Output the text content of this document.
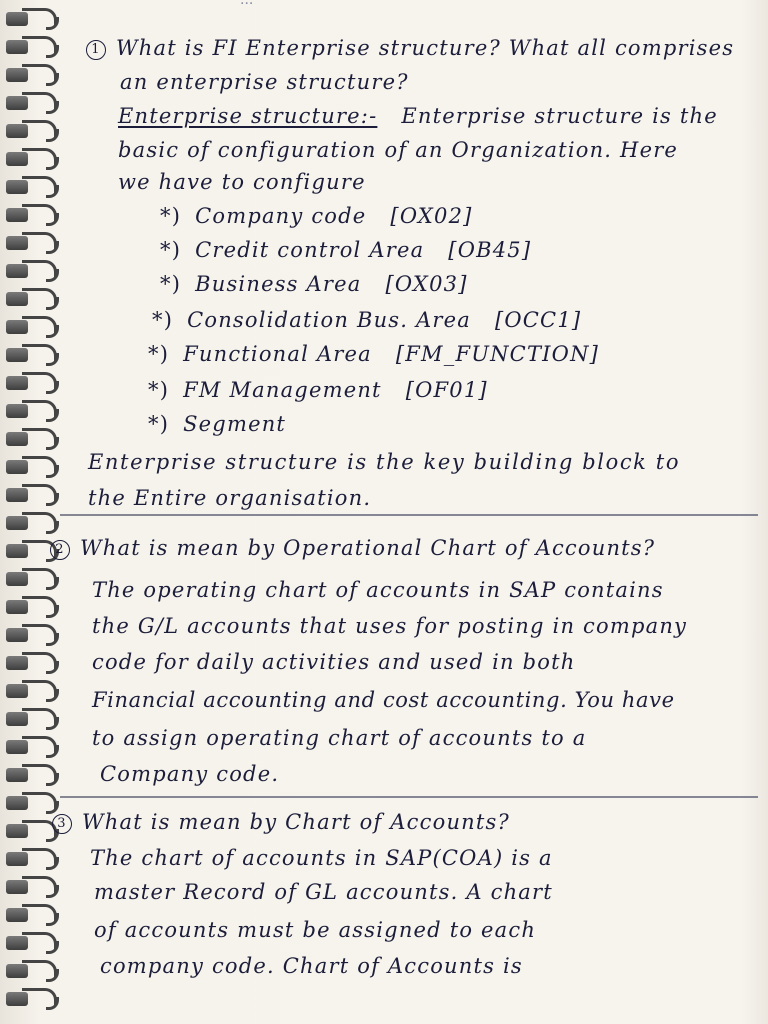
...
1 What is FI Enterprise structure? What all comprises
an enterprise structure?
Enterprise structure:- Enterprise structure is the
basic of configuration of an Organization. Here
we have to configure
*) Company code [OX02]
*) Credit control Area [OB45]
*) Business Area [OX03]
*) Consolidation Bus. Area [OCC1]
*) Functional Area [FM_FUNCTION]
*) FM Management [OF01]
*) Segment
Enterprise structure is the key building block to
the Entire organisation.
2 What is mean by Operational Chart of Accounts?
The operating chart of accounts in SAP contains
the G/L accounts that uses for posting in company
code for daily activities and used in both
Financial accounting and cost accounting. You have
to assign operating chart of accounts to a
Company code.
3 What is mean by Chart of Accounts?
The chart of accounts in SAP(COA) is a
master Record of GL accounts. A chart
of accounts must be assigned to each
company code. Chart of Accounts is
